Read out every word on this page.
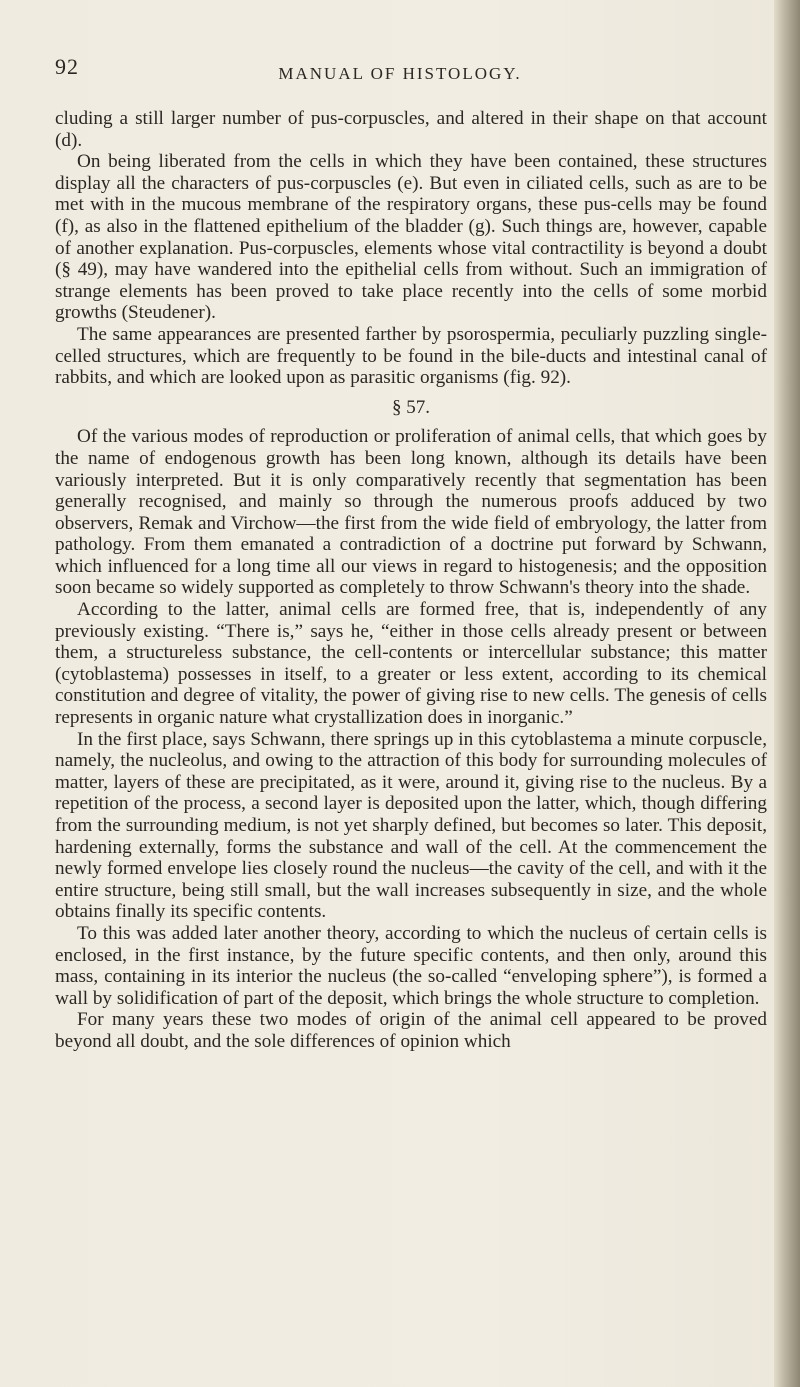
92	MANUAL OF HISTOLOGY.

cluding a still larger number of pus-corpuscles, and altered in their shape on that account (d).

On being liberated from the cells in which they have been contained, these structures display all the characters of pus-corpuscles (e). But even in ciliated cells, such as are to be met with in the mucous membrane of the respiratory organs, these pus-cells may be found (f), as also in the flattened epithelium of the bladder (g). Such things are, however, capable of another explanation. Pus-corpuscles, elements whose vital contractility is beyond a doubt (§ 49), may have wandered into the epithelial cells from without. Such an immigration of strange elements has been proved to take place recently into the cells of some morbid growths (Steudener).

The same appearances are presented farther by psorospermia, peculiarly puzzling single-celled structures, which are frequently to be found in the bile-ducts and intestinal canal of rabbits, and which are looked upon as parasitic organisms (fig. 92).

§ 57.

Of the various modes of reproduction or proliferation of animal cells, that which goes by the name of endogenous growth has been long known, although its details have been variously interpreted. But it is only comparatively recently that segmentation has been generally recognised, and mainly so through the numerous proofs adduced by two observers, Remak and Virchow—the first from the wide field of embryology, the latter from pathology. From them emanated a contradiction of a doctrine put forward by Schwann, which influenced for a long time all our views in regard to histogenesis; and the opposition soon became so widely supported as completely to throw Schwann's theory into the shade.

According to the latter, animal cells are formed free, that is, independently of any previously existing. “There is,” says he, “either in those cells already present or between them, a structureless substance, the cell-contents or intercellular substance; this matter (cytoblastema) possesses in itself, to a greater or less extent, according to its chemical constitution and degree of vitality, the power of giving rise to new cells. The genesis of cells represents in organic nature what crystallization does in inorganic.”

In the first place, says Schwann, there springs up in this cytoblastema a minute corpuscle, namely, the nucleolus, and owing to the attraction of this body for surrounding molecules of matter, layers of these are precipitated, as it were, around it, giving rise to the nucleus. By a repetition of the process, a second layer is deposited upon the latter, which, though differing from the surrounding medium, is not yet sharply defined, but becomes so later. This deposit, hardening externally, forms the substance and wall of the cell. At the commencement the newly formed envelope lies closely round the nucleus—the cavity of the cell, and with it the entire structure, being still small, but the wall increases subsequently in size, and the whole obtains finally its specific contents.

To this was added later another theory, according to which the nucleus of certain cells is enclosed, in the first instance, by the future specific contents, and then only, around this mass, containing in its interior the nucleus (the so-called “enveloping sphere”), is formed a wall by solidification of part of the deposit, which brings the whole structure to completion.

For many years these two modes of origin of the animal cell appeared to be proved beyond all doubt, and the sole differences of opinion which
